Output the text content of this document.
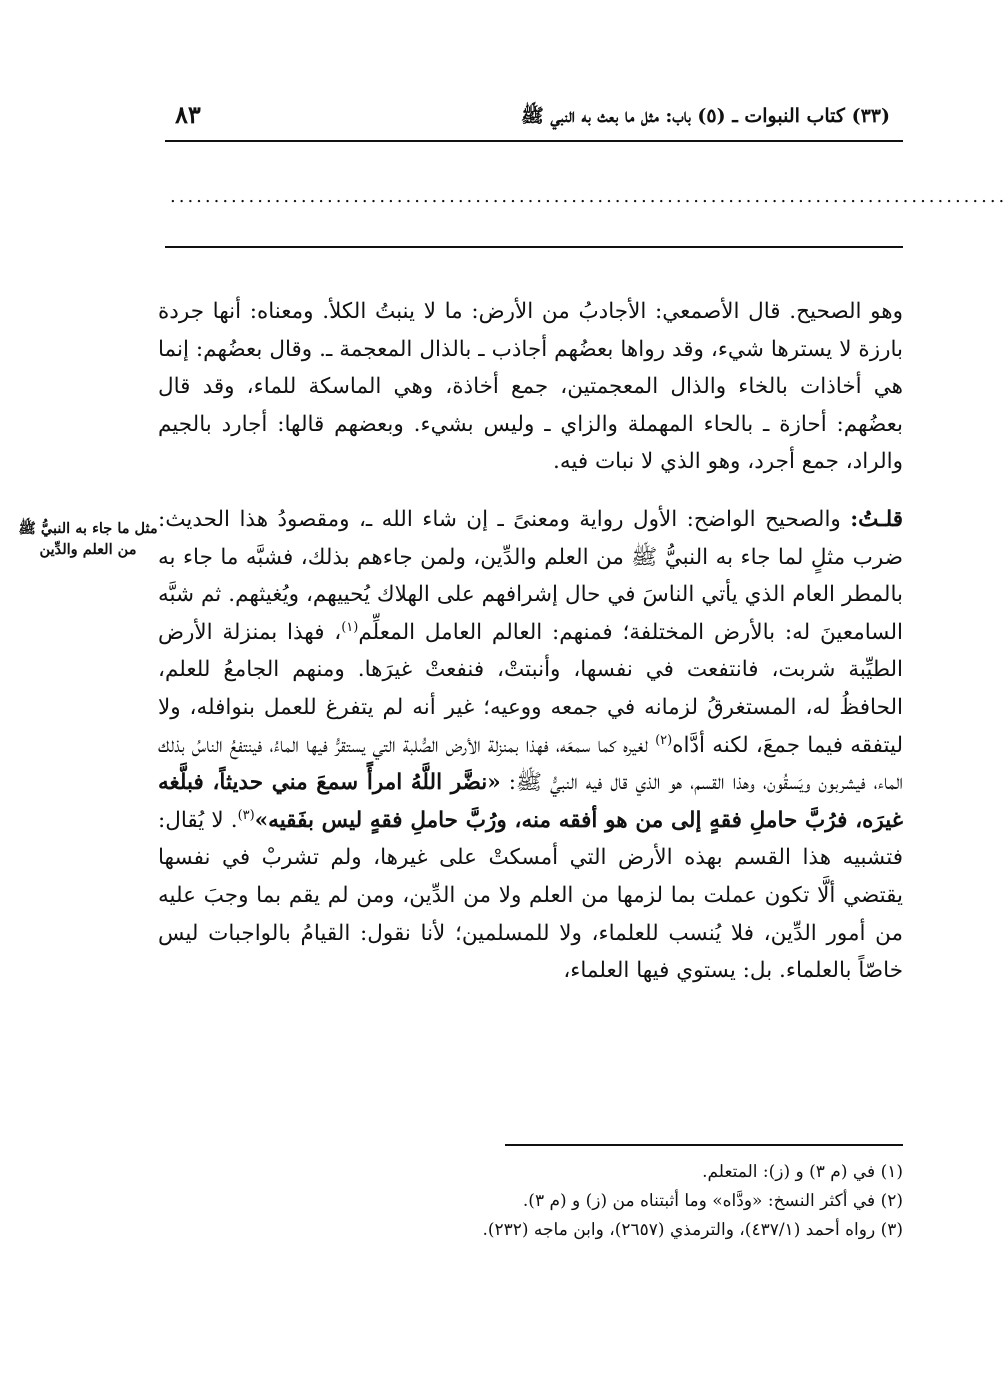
٨٣	(٣٣) كتاب النبوات ـ (٥) باب: مثل ما بعث به النبي ﷺ
................................................................................................

وهو الصحيح. قال الأصمعي: الأجادبُ من الأرض: ما لا ينبتُ الكلأ. ومعناه: أنها جردة بارزة لا يسترها شيء، وقد رواها بعضُهم أجاذب ـ بالذال المعجمة ـ. وقال بعضُهم: إنما هي أخاذات بالخاء والذال المعجمتين، جمع أخاذة، وهي الماسكة للماء، وقد قال بعضُهم: أحازة ـ بالحاء المهملة والزاي ـ وليس بشيء. وبعضهم قالها: أجارد بالجيم والراد، جمع أجرد، وهو الذي لا نبات فيه.

قلـتُ: والصحيح الواضح: الأول رواية ومعنىً ـ إن شاء الله ـ، ومقصودُ هذا الحديث: ضرب مثلٍ لما جاء به النبيُّ ﷺ من العلم والدِّين، ولمن جاءهم بذلك، فشبَّه ما جاء به بالمطر العام الذي يأتي الناسَ في حال إشرافهم على الهلاك يُحييهم، ويُغيثهم. ثم شبَّه السامعينَ له: بالأرض المختلفة؛ فمنهم: العالم العامل المعلِّم$^{(١)}$، فهذا بمنزلة الأرض الطيِّبة شربت، فانتفعت في نفسها، وأنبتتْ، فنفعتْ غيرَها. ومنهم الجامعُ للعلم، الحافظُ له، المستغرقُ لزمانه في جمعه ووعيه؛ غير أنه لم يتفرغ للعمل بنوافله، ولا ليتفقه فيما جمعَ، لكنه أدَّاه$^{(٢)}$ لغيره كما سمعَه، فهذا بمنزلة الأرض الصُّلبة التي يستقرُّ فيها الماءُ، فينتفعُ الناسُ بذلك الماء، فيشربون ويَسقُون، وهذا القسم، هو الذي قال فيه النبيُّ ﷺ: «نضَّر اللَّهُ امرأً سمعَ مني حديثاً، فبلَّغه غيرَه، فرُبَّ حاملِ فقهٍ إلى من هو أفقه منه، ورُبَّ حاملِ فقهٍ ليس بفَقيه»$^{(٣)}$. لا يُقال: فتشبيه هذا القسم بهذه الأرض التي أمسكتْ على غيرها، ولم تشربْ في نفسها يقتضي ألَّا تكون عملت بما لزمها من العلم ولا من الدِّين، ومن لم يقم بما وجبَ عليه من أمور الدِّين، فلا يُنسب للعلماء، ولا للمسلمين؛ لأنا نقول: القيامُ بالواجبات ليس خاصّاً بالعلماء. بل: يستوي فيها العلماء،

مثل ما جاء به النبيُّ ﷺ من العلم والدِّين
(١) في (م ٣) و (ز): المتعلم.
(٢) في أكثر النسخ: «ودَّاه» وما أثبتناه من (ز) و (م ٣).
(٣) رواه أحمد (٤٣٧/١)، والترمذي (٢٦٥٧)، وابن ماجه (٢٣٢).
